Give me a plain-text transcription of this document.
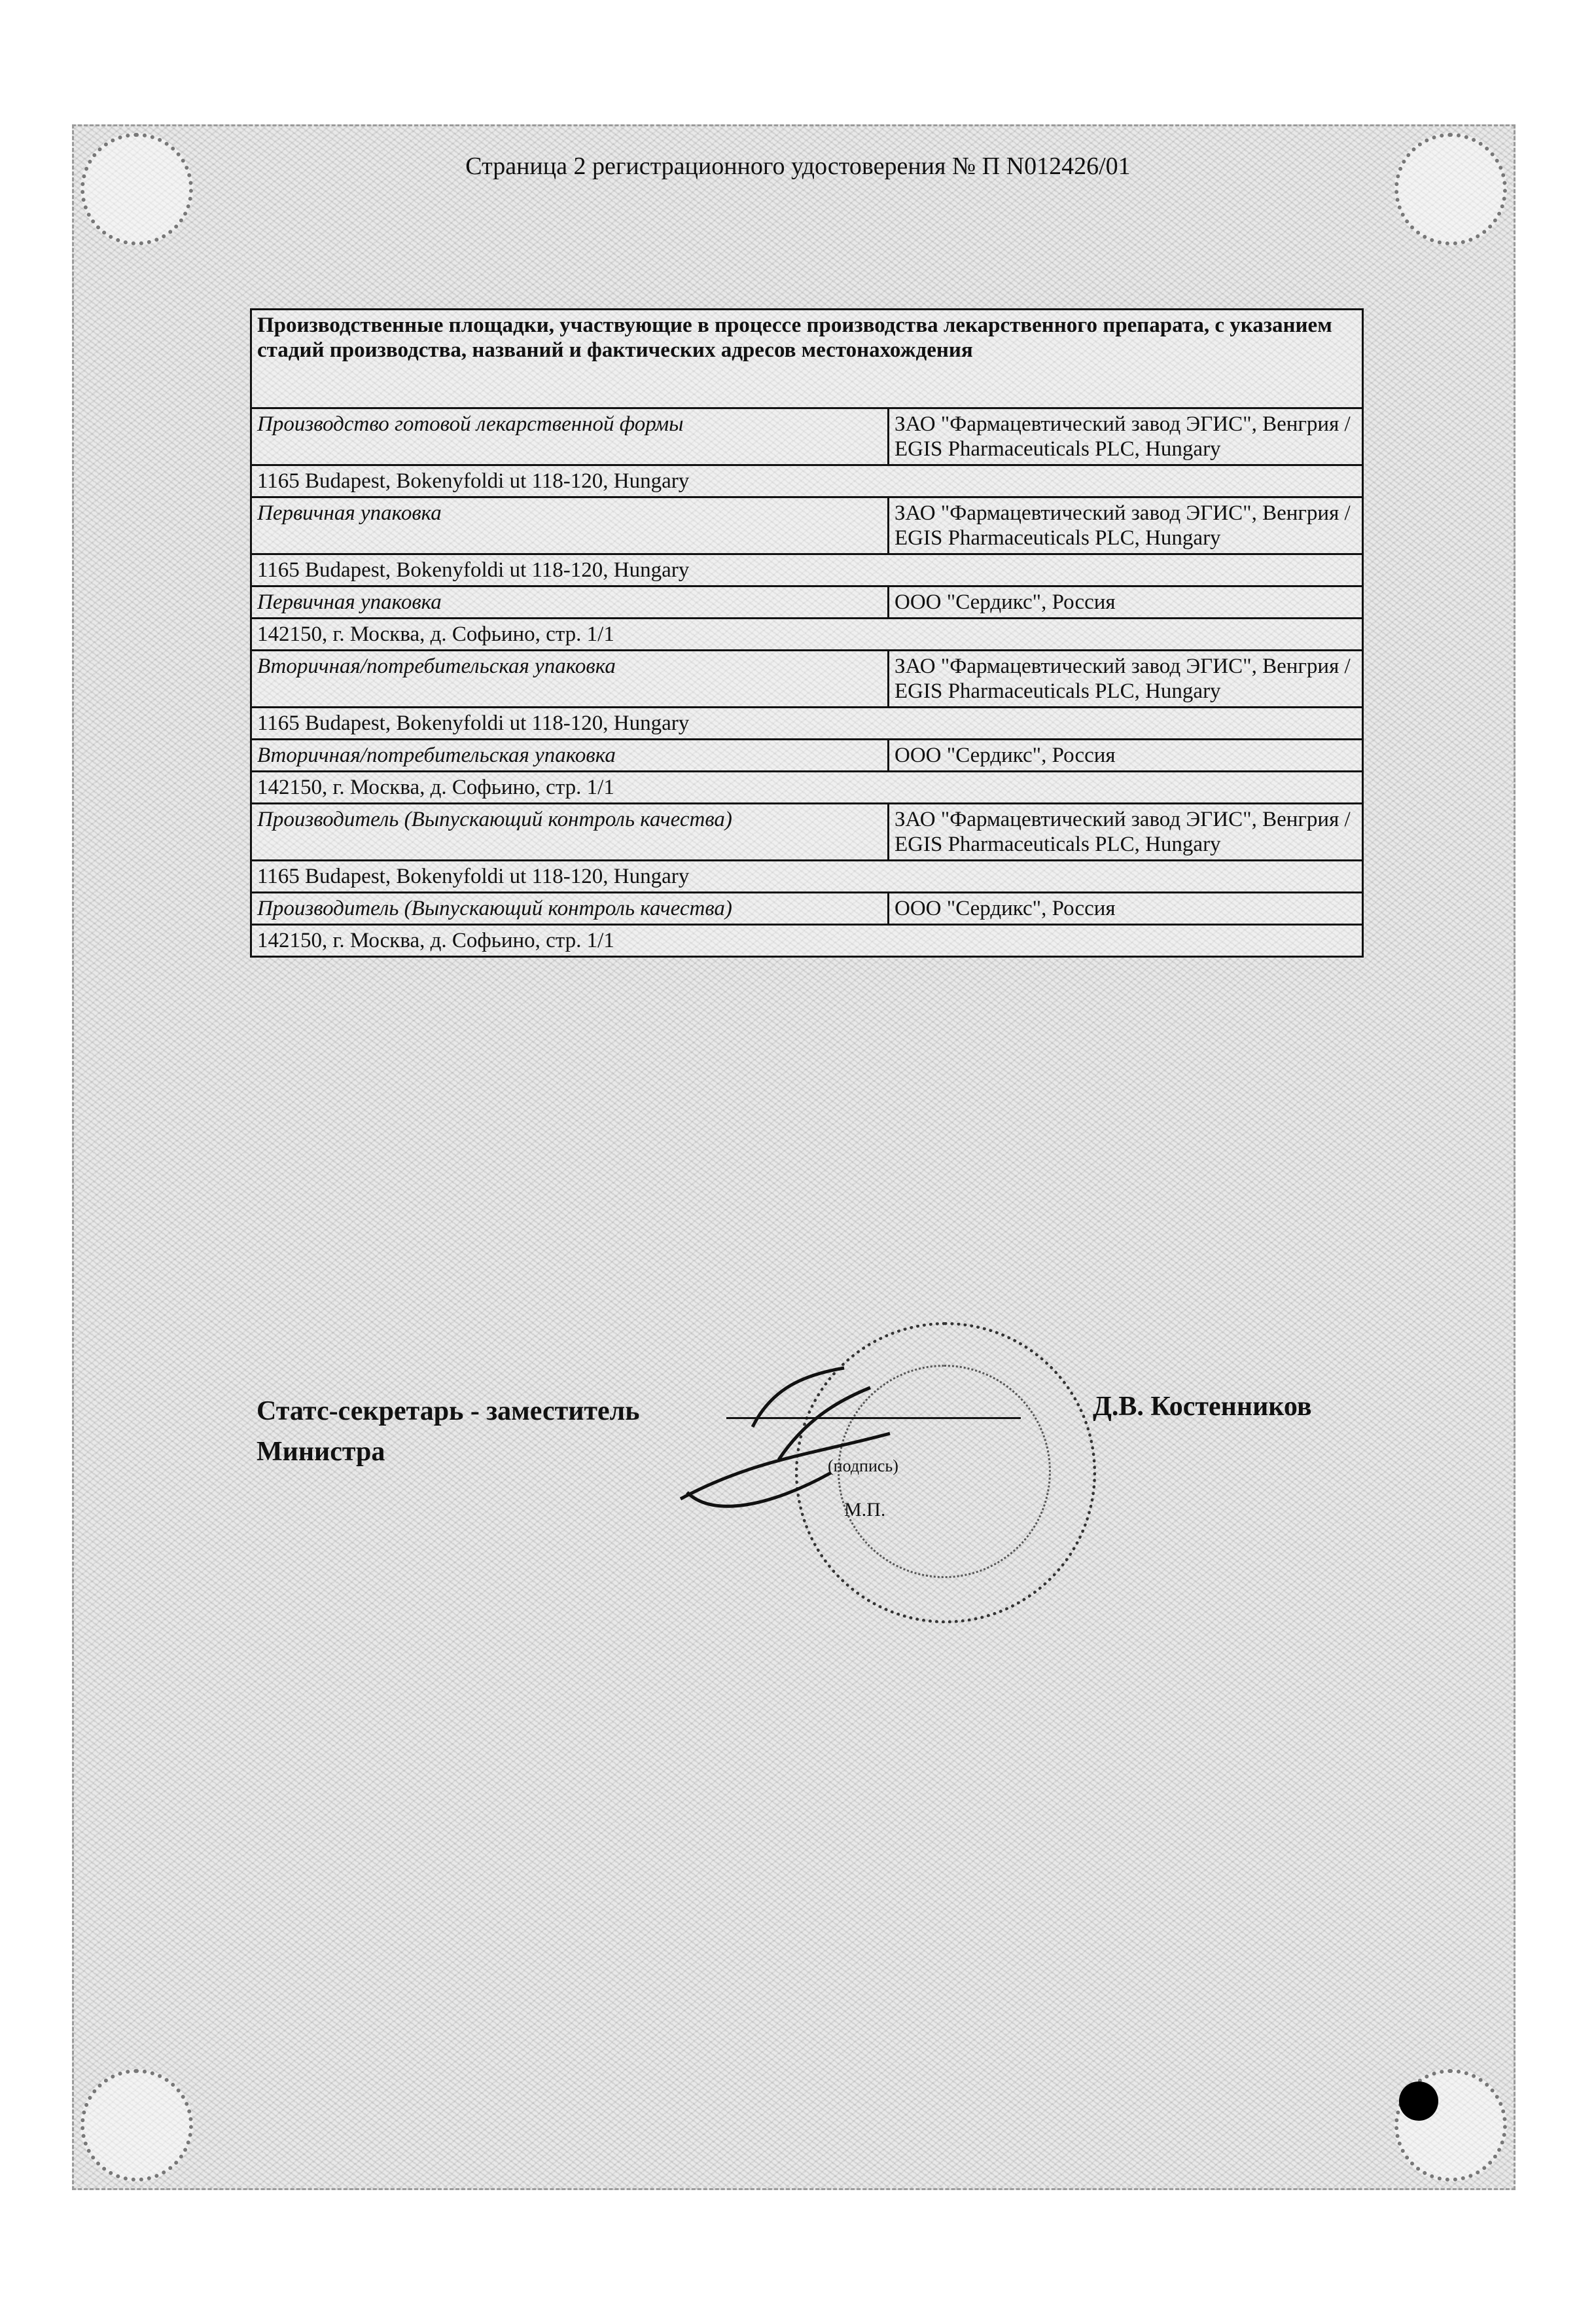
Страница 2 регистрационного удостоверения № П N012426/01
Производственные площадки, участвующие в процессе производства лекарственного препарата, с указанием стадий производства, названий и фактических адресов местонахождения	
Производство готовой лекарственной формы	ЗАО "Фармацевтический завод ЭГИС", Венгрия / EGIS Pharmaceuticals PLC, Hungary
1165 Budapest, Bokenyfoldi ut 118-120, Hungary	
Первичная упаковка	ЗАО "Фармацевтический завод ЭГИС", Венгрия / EGIS Pharmaceuticals PLC, Hungary
1165 Budapest, Bokenyfoldi ut 118-120, Hungary	
Первичная упаковка	ООО "Сердикс", Россия
142150, г. Москва, д. Софьино, стр. 1/1	
Вторичная/потребительская упаковка	ЗАО "Фармацевтический завод ЭГИС", Венгрия / EGIS Pharmaceuticals PLC, Hungary
1165 Budapest, Bokenyfoldi ut 118-120, Hungary	
Вторичная/потребительская упаковка	ООО "Сердикс", Россия
142150, г. Москва, д. Софьино, стр. 1/1	
Производитель (Выпускающий контроль качества)	ЗАО "Фармацевтический завод ЭГИС", Венгрия / EGIS Pharmaceuticals PLC, Hungary
1165 Budapest, Bokenyfoldi ut 118-120, Hungary	
Производитель (Выпускающий контроль качества)	ООО "Сердикс", Россия
142150, г. Москва, д. Софьино, стр. 1/1	
Статс-секретарь - заместитель
Министра
Д.В. Костенников
(подпись)
М.П.
